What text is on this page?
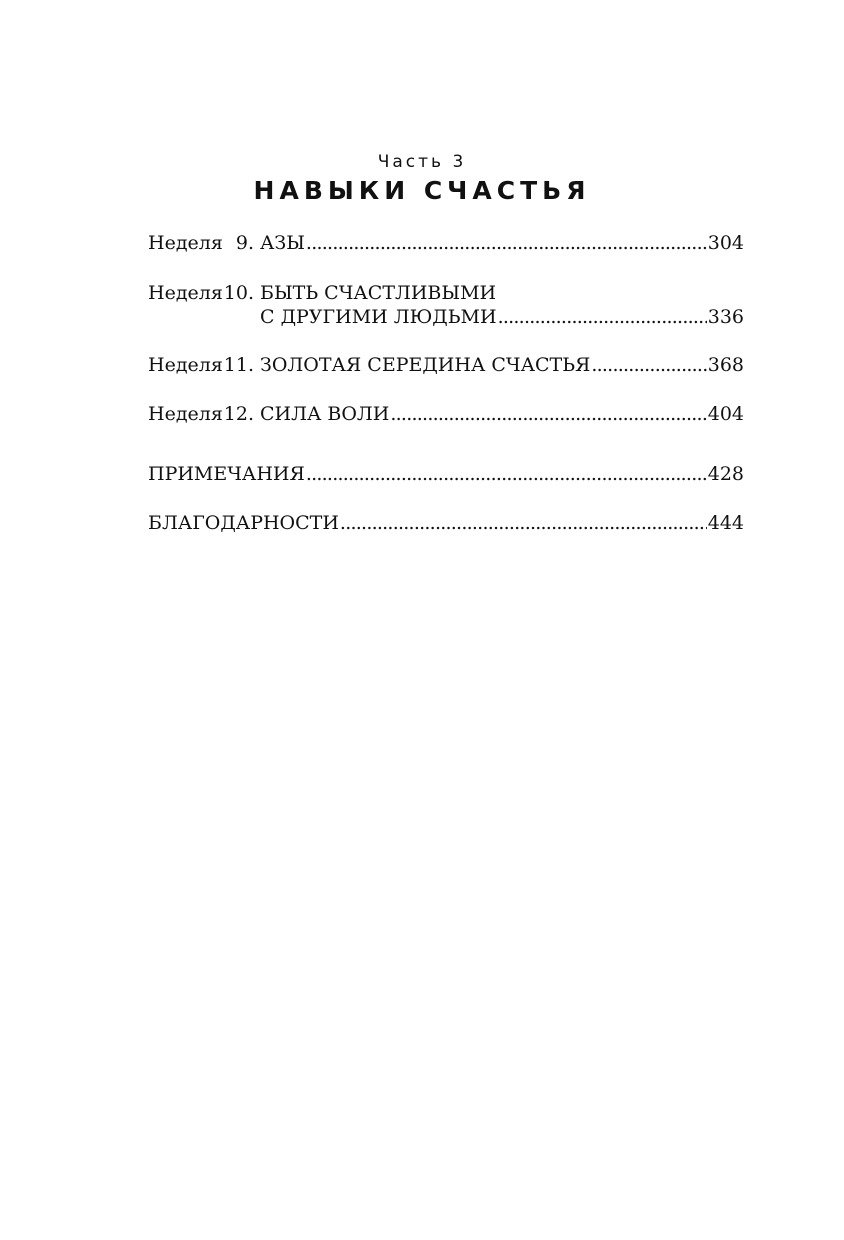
Часть 3
НАВЫКИ СЧАСТЬЯ
Неделя 9. АЗЫ . . .	304
Неделя 10. БЫТЬ СЧАСТЛИВЫМИ
С ДРУГИМИ ЛЮДЬМИ . . .	336
Неделя 11. ЗОЛОТАЯ СЕРЕДИНА СЧАСТЬЯ . . .	368
Неделя 12. СИЛА ВОЛИ . . .	404
ПРИМЕЧАНИЯ . . .	428
БЛАГОДАРНОСТИ . . .	444
